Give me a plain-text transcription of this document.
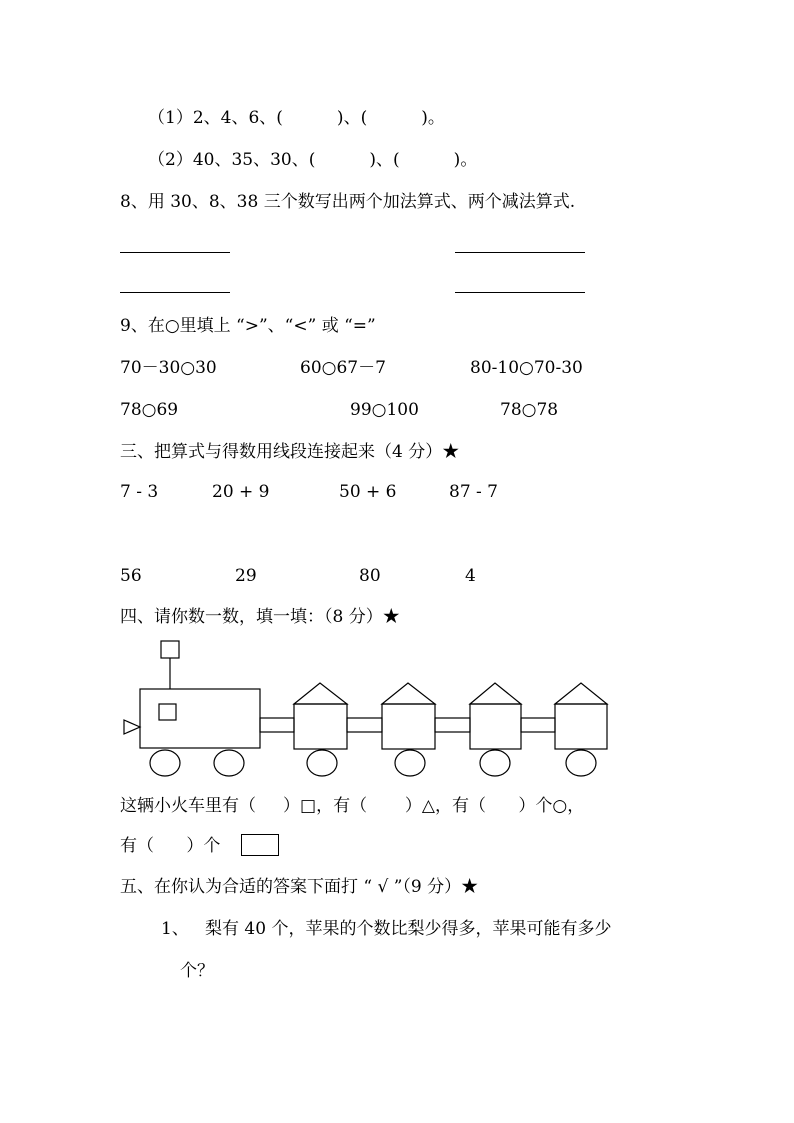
（1）2、4、6、(          )、(          )。
（2）40、35、30、(          )、(          )。
8、用 30、8、38 三个数写出两个加法算式、两个减法算式.
9、在○里填上 “>”、“<” 或 “=”
70－30○30	60○67－7	80-10○70-30
78○69	99○100	78○78
三、把算式与得数用线段连接起来（4 分）★
7 - 3	20 + 9	50 + 6	87 - 7
56	29	80	4
四、请你数一数，填一填：（8 分）★
这辆小火车里有（     ）□，有（       ）△，有（      ）个○，
有（      ）个
五、在你认为合适的答案下面打 “ √ ”（9 分）★
1、 梨有 40 个，苹果的个数比梨少得多，苹果可能有多少
个？
